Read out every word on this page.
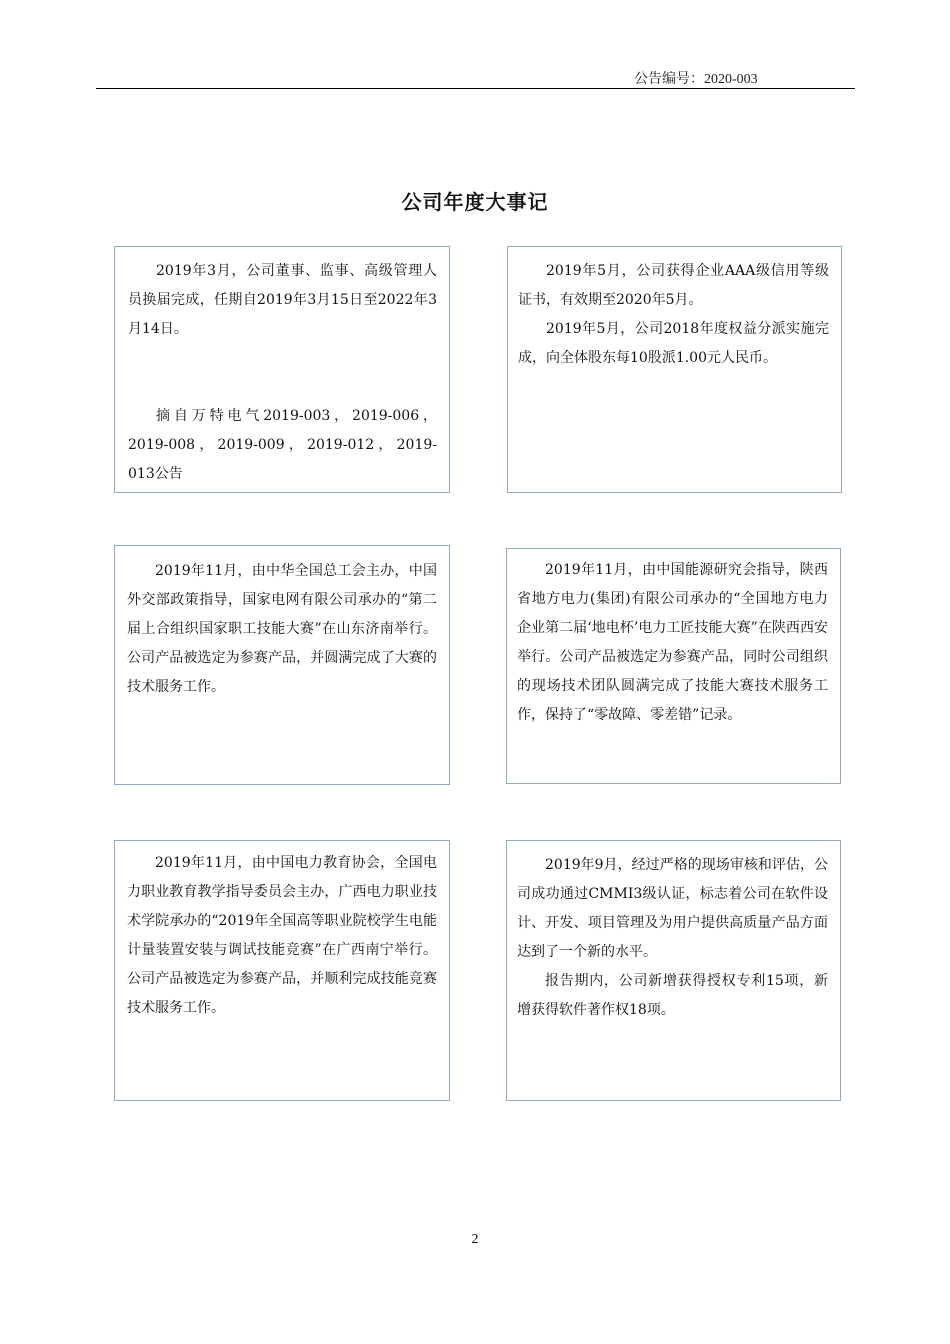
公告编号：2020-003
公司年度大事记

2019年3月，公司董事、监事、高级管理人员换届完成，任期自2019年3月15日至2022年3月14日。

摘自万特电气2019-003，2019-006，2019-008，2019-009，2019-012，2019-013公告

2019年5月，公司获得企业AAA级信用等级证书，有效期至2020年5月。

2019年5月，公司2018年度权益分派实施完成，向全体股东每10股派1.00元人民币。

2019年11月，由中华全国总工会主办，中国外交部政策指导，国家电网有限公司承办的“第二届上合组织国家职工技能大赛”在山东济南举行。公司产品被选定为参赛产品，并圆满完成了大赛的技术服务工作。

2019年11月，由中国能源研究会指导，陕西省地方电力(集团)有限公司承办的“全国地方电力企业第二届‘地电杯’电力工匠技能大赛”在陕西西安举行。公司产品被选定为参赛产品，同时公司组织的现场技术团队圆满完成了技能大赛技术服务工作，保持了“零故障、零差错”记录。

2019年11月，由中国电力教育协会，全国电力职业教育教学指导委员会主办，广西电力职业技术学院承办的“2019年全国高等职业院校学生电能计量装置安装与调试技能竞赛”在广西南宁举行。公司产品被选定为参赛产品，并顺利完成技能竞赛技术服务工作。

2019年9月，经过严格的现场审核和评估，公司成功通过CMMI3级认证，标志着公司在软件设计、开发、项目管理及为用户提供高质量产品方面达到了一个新的水平。

报告期内，公司新增获得授权专利15项，新增获得软件著作权18项。

2
